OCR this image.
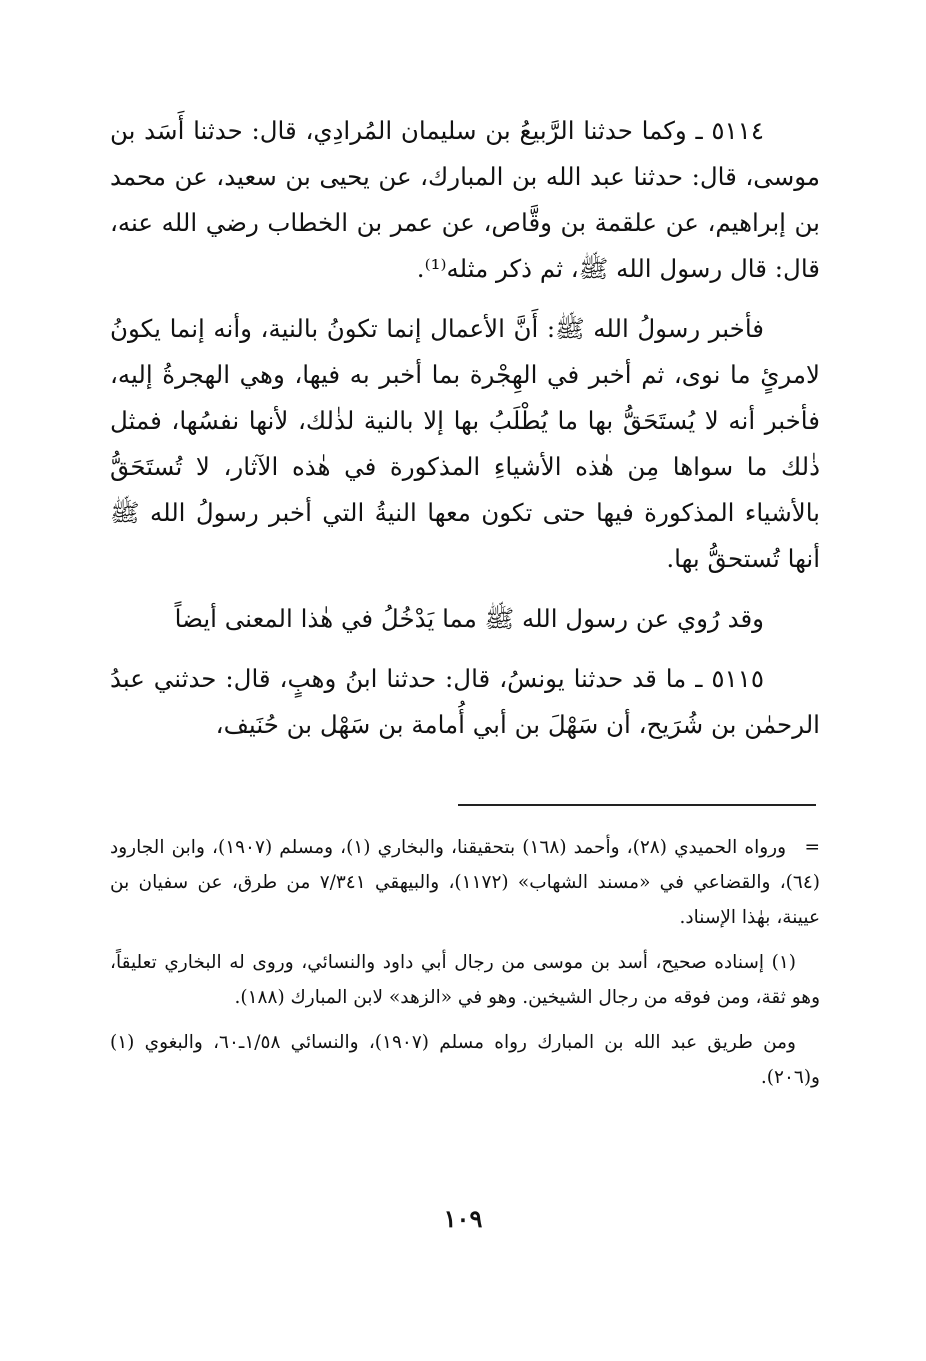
٥١١٤ ـ وكما حدثنا الرَّبيعُ بن سليمان المُرادِي، قال: حدثنا أَسَد بن موسى، قال: حدثنا عبد الله بن المبارك، عن يحيى بن سعيد، عن محمد بن إبراهيم، عن علقمة بن وقَّاص، عن عمر بن الخطاب رضي الله عنه، قال: قال رسول الله ﷺ، ثم ذكر مثله⁽¹⁾.

فأخبر رسولُ الله ﷺ: أَنَّ الأعمال إنما تكونُ بالنية، وأنه إنما يكونُ لامرئٍ ما نوى، ثم أخبر في الهِجْرة بما أخبر به فيها، وهي الهجرةُ إليه، فأخبر أنه لا يُستَحَقُّ بها ما يُطْلَبُ بها إلا بالنية لذٰلك، لأنها نفسُها، فمثل ذٰلك ما سواها مِن هٰذه الأشياءِ المذكورة في هٰذه الآثار، لا تُستَحَقُّ بالأشياء المذكورة فيها حتى تكون معها النيةُ التي أخبر رسولُ الله ﷺ أنها تُستحقُّ بها.

وقد رُوي عن رسول الله ﷺ مما يَدْخُلُ في هٰذا المعنى أيضاً

٥١١٥ ـ ما قد حدثنا يونسُ، قال: حدثنا ابنُ وهبٍ، قال: حدثني عبدُ الرحمٰن بن شُرَيح، أن سَهْلَ بن أبي أُمامة بن سَهْل بن حُنَيف،

=ورواه الحميدي (٢٨)، وأحمد (١٦٨) بتحقيقنا، والبخاري (١)، ومسلم (١٩٠٧)، وابن الجارود (٦٤)، والقضاعي في «مسند الشهاب» (١١٧٢)، والبيهقي ٧/٣٤١ من طرق، عن سفيان بن عيينة، بهٰذا الإسناد.

(١) إسناده صحيح، أسد بن موسى من رجال أبي داود والنسائي، وروى له البخاري تعليقاً، وهو ثقة، ومن فوقه من رجال الشيخين. وهو في «الزهد» لابن المبارك (١٨٨).

ومن طريق عبد الله بن المبارك رواه مسلم (١٩٠٧)، والنسائي ١/٥٨ـ٦٠، والبغوي (١) و(٢٠٦).

١٠٩
